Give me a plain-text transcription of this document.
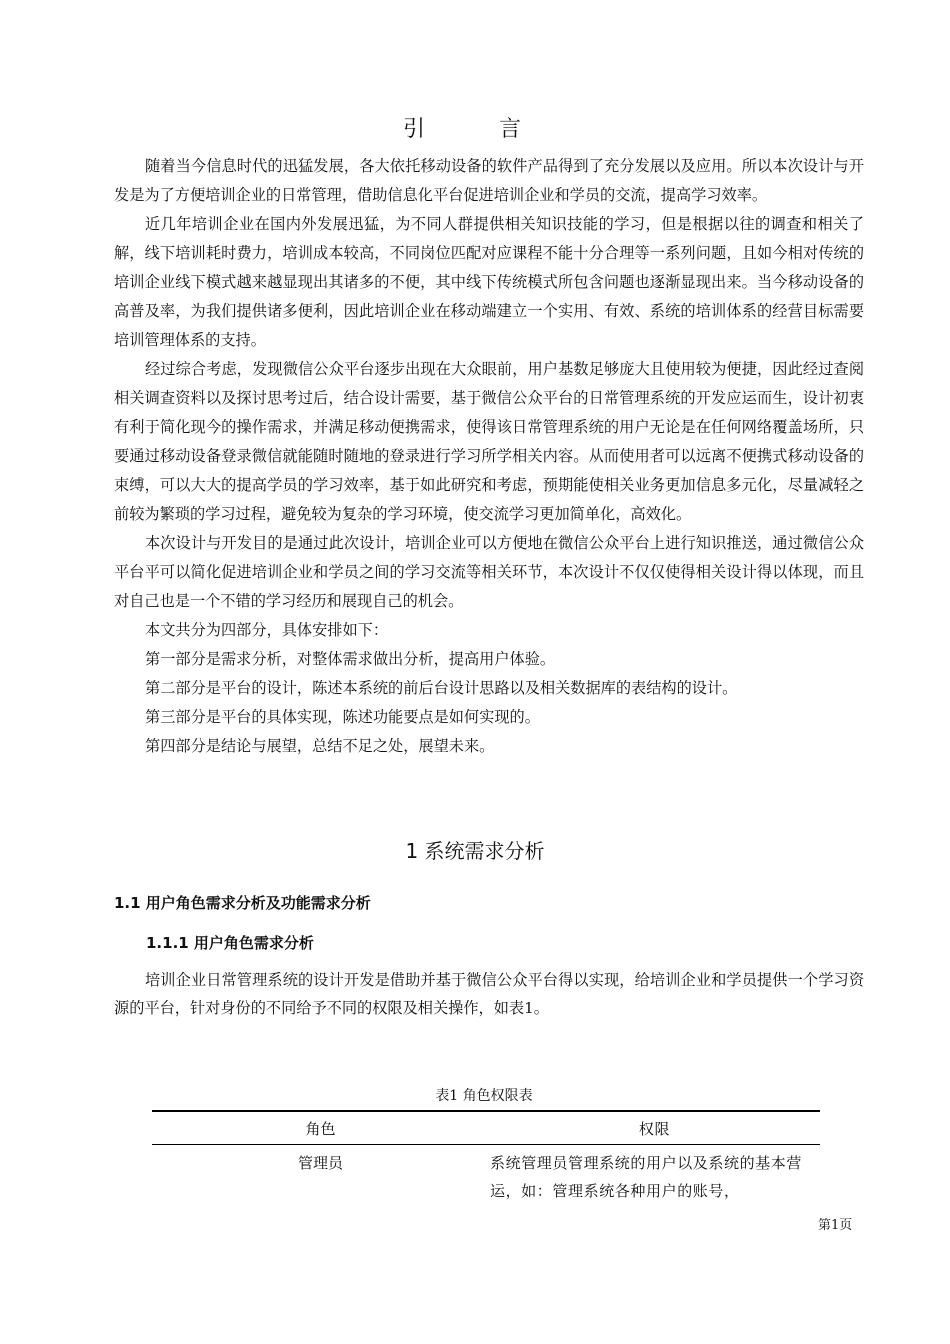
引　言

随着当今信息时代的迅猛发展，各大依托移动设备的软件产品得到了充分发展以及应用。所以本次设计与开发是为了方便培训企业的日常管理，借助信息化平台促进培训企业和学员的交流，提高学习效率。

近几年培训企业在国内外发展迅猛，为不同人群提供相关知识技能的学习，但是根据以往的调查和相关了解，线下培训耗时费力，培训成本较高，不同岗位匹配对应课程不能十分合理等一系列问题，且如今相对传统的培训企业线下模式越来越显现出其诸多的不便，其中线下传统模式所包含问题也逐渐显现出来。当今移动设备的高普及率，为我们提供诸多便利，因此培训企业在移动端建立一个实用、有效、系统的培训体系的经营目标需要培训管理体系的支持。

经过综合考虑，发现微信公众平台逐步出现在大众眼前，用户基数足够庞大且使用较为便捷，因此经过查阅相关调查资料以及探讨思考过后，结合设计需要，基于微信公众平台的日常管理系统的开发应运而生，设计初衷有利于简化现今的操作需求，并满足移动便携需求，使得该日常管理系统的用户无论是在任何网络覆盖场所，只要通过移动设备登录微信就能随时随地的登录进行学习所学相关内容。从而使用者可以远离不便携式移动设备的束缚，可以大大的提高学员的学习效率，基于如此研究和考虑，预期能使相关业务更加信息多元化，尽量减轻之前较为繁琐的学习过程，避免较为复杂的学习环境，使交流学习更加简单化，高效化。

本次设计与开发目的是通过此次设计，培训企业可以方便地在微信公众平台上进行知识推送，通过微信公众平台平可以简化促进培训企业和学员之间的学习交流等相关环节，本次设计不仅仅使得相关设计得以体现，而且对自己也是一个不错的学习经历和展现自己的机会。

本文共分为四部分，具体安排如下：

第一部分是需求分析，对整体需求做出分析，提高用户体验。

第二部分是平台的设计，陈述本系统的前后台设计思路以及相关数据库的表结构的设计。

第三部分是平台的具体实现，陈述功能要点是如何实现的。

第四部分是结论与展望，总结不足之处，展望未来。

1 系统需求分析
1.1 用户角色需求分析及功能需求分析
1.1.1 用户角色需求分析

培训企业日常管理系统的设计开发是借助并基于微信公众平台得以实现，给培训企业和学员提供一个学习资源的平台，针对身份的不同给予不同的权限及相关操作，如表1。

表1 角色权限表
角色	权限
管理员	系统管理员管理系统的用户以及系统的基本营运，如：管理系统各种用户的账号，
第1页
